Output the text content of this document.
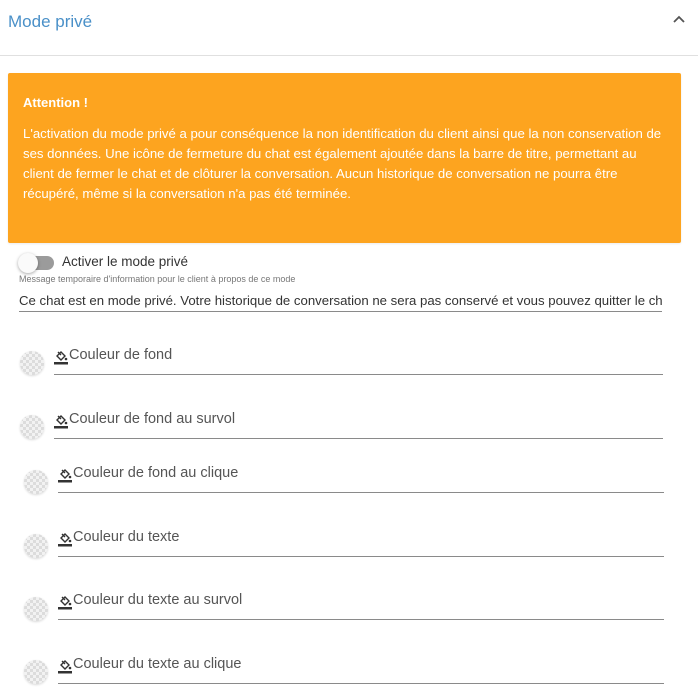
Mode privé
Attention !
L'activation du mode privé a pour conséquence la non identification du client ainsi que la non conservation de ses données. Une icône de fermeture du chat est également ajoutée dans la barre de titre, permettant au client de fermer le chat et de clôturer la conversation. Aucun historique de conversation ne pourra être récupéré, même si la conversation n'a pas été terminée.
Activer le mode privé
Message temporaire d'information pour le client à propos de ce mode
Ce chat est en mode privé. Votre historique de conversation ne sera pas conservé et vous pouvez quitter le chat
Couleur de fond
Couleur de fond au survol
Couleur de fond au clique
Couleur du texte
Couleur du texte au survol
Couleur du texte au clique
